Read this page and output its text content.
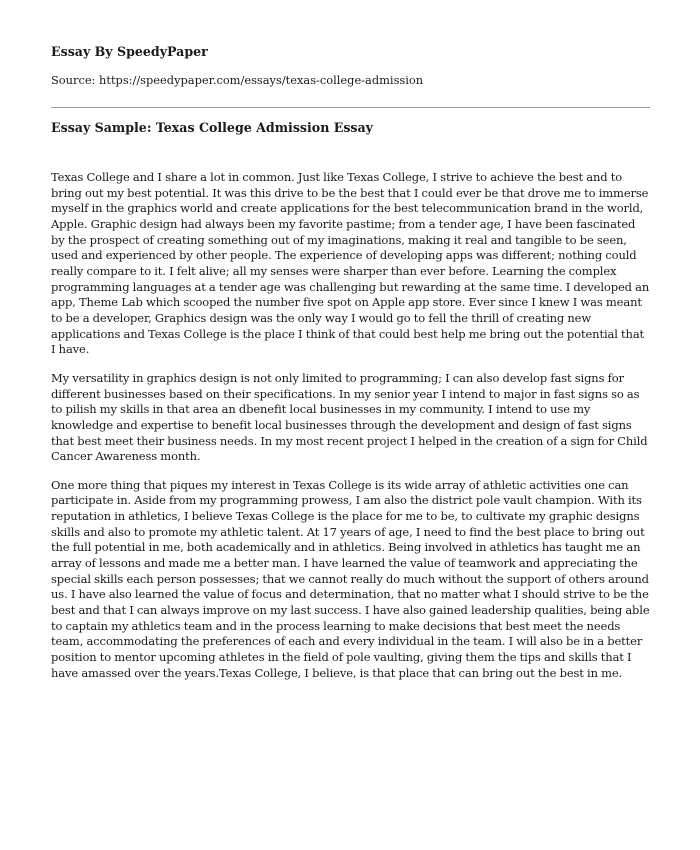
Essay By SpeedyPaper

Source: https://speedypaper.com/essays/texas-college-admission

Essay Sample: Texas College Admission Essay

Texas College and I share a lot in common. Just like Texas College, I strive to achieve the best and to bring out my best potential. It was this drive to be the best that I could ever be that drove me to immerse myself in the graphics world and create applications for the best telecommunication brand in the world, Apple. Graphic design had always been my favorite pastime; from a tender age, I have been fascinated by the prospect of creating something out of my imaginations, making it real and tangible to be seen, used and experienced by other people. The experience of developing apps was different; nothing could really compare to it. I felt alive; all my senses were sharper than ever before. Learning the complex programming languages at a tender age was challenging but rewarding at the same time. I developed an app, Theme Lab which scooped the number five spot on Apple app store. Ever since I knew I was meant to be a developer, Graphics design was the only way I would go to fell the thrill of creating new applications and Texas College is the place I think of that could best help me bring out the potential that I have.

My versatility in graphics design is not only limited to programming; I can also develop fast signs for different businesses based on their specifications. In my senior year I intend to major in fast signs so as to pilish my skills in that area an dbenefit local businesses in my community. I intend to use my knowledge and expertise to benefit local businesses through the development and design of fast signs that best meet their business needs. In my most recent project I helped in the creation of a sign for Child Cancer Awareness month.

One more thing that piques my interest in Texas College is its wide array of athletic activities one can participate in. Aside from my programming prowess, I am also the district pole vault champion. With its reputation in athletics, I believe Texas College is the place for me to be, to cultivate my graphic designs skills and also to promote my athletic talent. At 17 years of age, I need to find the best place to bring out the full potential in me, both academically and in athletics. Being involved in athletics has taught me an array of lessons and made me a better man. I have learned the value of teamwork and appreciating the special skills each person possesses; that we cannot really do much without the support of others around us. I have also learned the value of focus and determination, that no matter what I should strive to be the best and that I can always improve on my last success. I have also gained leadership qualities, being able to captain my athletics team and in the process learning to make decisions that best meet the needs team, accommodating the preferences of each and every individual in the team. I will also be in a better position to mentor upcoming athletes in the field of pole vaulting, giving them the tips and skills that I have amassed over the years.Texas College, I believe, is that place that can bring out the best in me.
